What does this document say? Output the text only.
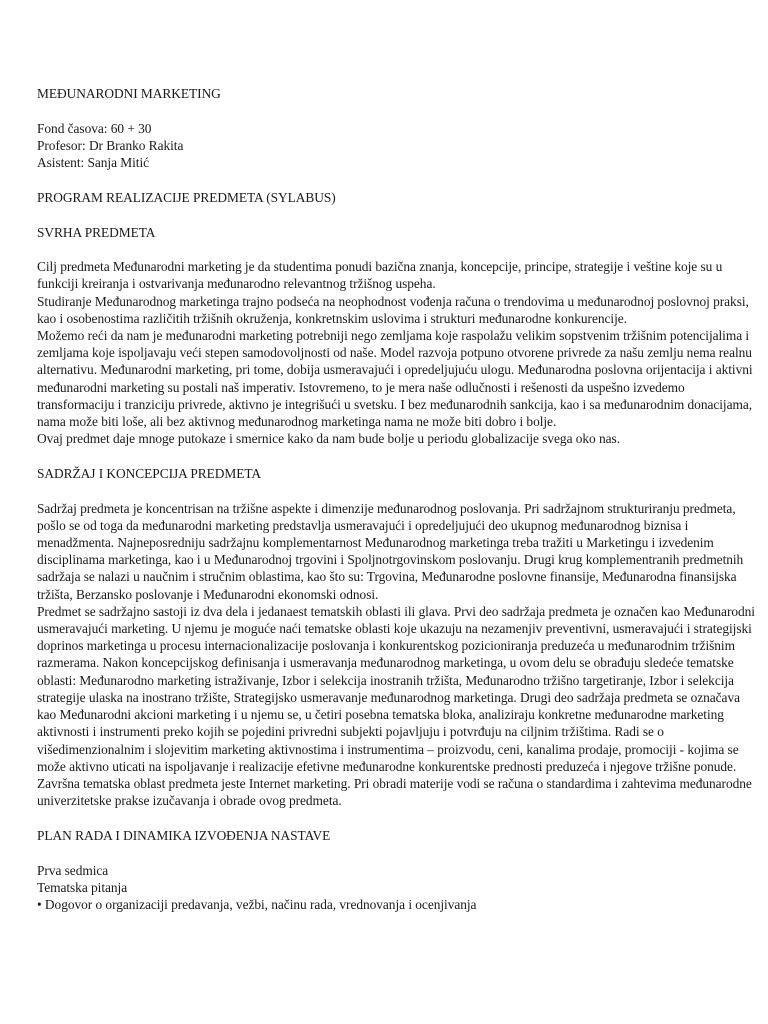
MEĐUNARODNI MARKETING

Fond časova: 60 + 30

Profesor: Dr Branko Rakita

Asistent: Sanja Mitić

PROGRAM REALIZACIJE PREDMETA (SYLABUS)

SVRHA PREDMETA

Cilj predmeta Međunarodni marketing je da studentima ponudi bazična znanja, koncepcije, principe, strategije i veštine koje su u funkciji kreiranja i ostvarivanja međunarodno relevantnog tržišnog uspeha.

Studiranje Međunarodnog marketinga trajno podseća na neophodnost vođenja računa o trendovima u međunarodnoj poslovnoj praksi, kao i osobenostima različitih tržišnih okruženja, konkretnskim uslovima i strukturi međunarodne konkurencije.

Možemo reći da nam je međunarodni marketing potrebniji nego zemljama koje raspolažu velikim sopstvenim tržišnim potencijalima i zemljama koje ispoljavaju veći stepen samodovoljnosti od naše. Model razvoja potpuno otvorene privrede za našu zemlju nema realnu alternativu. Međunarodni marketing, pri tome, dobija usmeravajući i opredeljujuću ulogu. Međunarodna poslovna orijentacija i aktivni međunarodni marketing su postali naš imperativ. Istovremeno, to je mera naše odlučnosti i rešenosti da uspešno izvedemo transformaciju i tranziciju privrede, aktivno je integrišući u svetsku. I bez međunarodnih sankcija, kao i sa međunarodnim donacijama, nama može biti loše, ali bez aktivnog međunarodnog marketinga nama ne može biti dobro i bolje.

Ovaj predmet daje mnoge putokaze i smernice kako da nam bude bolje u periodu globalizacije svega oko nas.

SADRŽAJ I KONCEPCIJA PREDMETA

Sadržaj predmeta je koncentrisan na tržišne aspekte i dimenzije međunarodnog poslovanja. Pri sadržajnom strukturiranju predmeta, pošlo se od toga da međunarodni marketing predstavlja usmeravajući i opredeljujući deo ukupnog međunarodnog biznisa i menadžmenta. Najneposredniju sadržajnu komplementarnost Međunarodnog marketinga treba tražiti u Marketingu i izvedenim disciplinama marketinga, kao i u Međunarodnoj trgovini i Spoljnotrgovinskom poslovanju. Drugi krug komplementranih predmetnih sadržaja se nalazi u naučnim i stručnim oblastima, kao što su: Trgovina, Međunarodne poslovne finansije, Međunarodna finansijska tržišta, Berzansko poslovanje i Međunarodni ekonomski odnosi.

Predmet se sadržajno sastoji iz dva dela i jedanaest tematskih oblasti ili glava. Prvi deo sadržaja predmeta je označen kao Međunarodni usmeravajući marketing. U njemu je moguće naći tematske oblasti koje ukazuju na nezamenjiv preventivni, usmeravajući i strategijski doprinos marketinga u procesu internacionalizacije poslovanja i konkurentskog pozicioniranja preduzeća u međunarodnim tržišnim razmerama. Nakon koncepcijskog definisanja i usmeravanja međunarodnog marketinga, u ovom delu se obrađuju sledeće tematske oblasti: Međunarodno marketing istraživanje, Izbor i selekcija inostranih tržišta, Međunarodno tržišno targetiranje, Izbor i selekcija strategije ulaska na inostrano tržište, Strategijsko usmeravanje međunarodnog marketinga. Drugi deo sadržaja predmeta se označava kao Međunarodni akcioni marketing i u njemu se, u četiri posebna tematska bloka, analiziraju konkretne međunarodne marketing aktivnosti i instrumenti preko kojih se pojedini privredni subjekti pojavljuju i potvrđuju na ciljnim tržištima. Radi se o višedimenzionalnim i slojevitim marketing aktivnostima i instrumentima – proizvodu, ceni, kanalima prodaje, promociji - kojima se može aktivno uticati na ispoljavanje i realizacije efetivne međunarodne konkurentske prednosti preduzeća i njegove tržišne ponude. Završna tematska oblast predmeta jeste Internet marketing. Pri obradi materije vodi se računa o standardima i zahtevima međunarodne univerzitetske prakse izučavanja i obrade ovog predmeta.

PLAN RADA I DINAMIKA IZVOĐENJA NASTAVE

Prva sedmica

Tematska pitanja

• Dogovor o organizaciji predavanja, vežbi, načinu rada, vrednovanja i ocenjivanja
